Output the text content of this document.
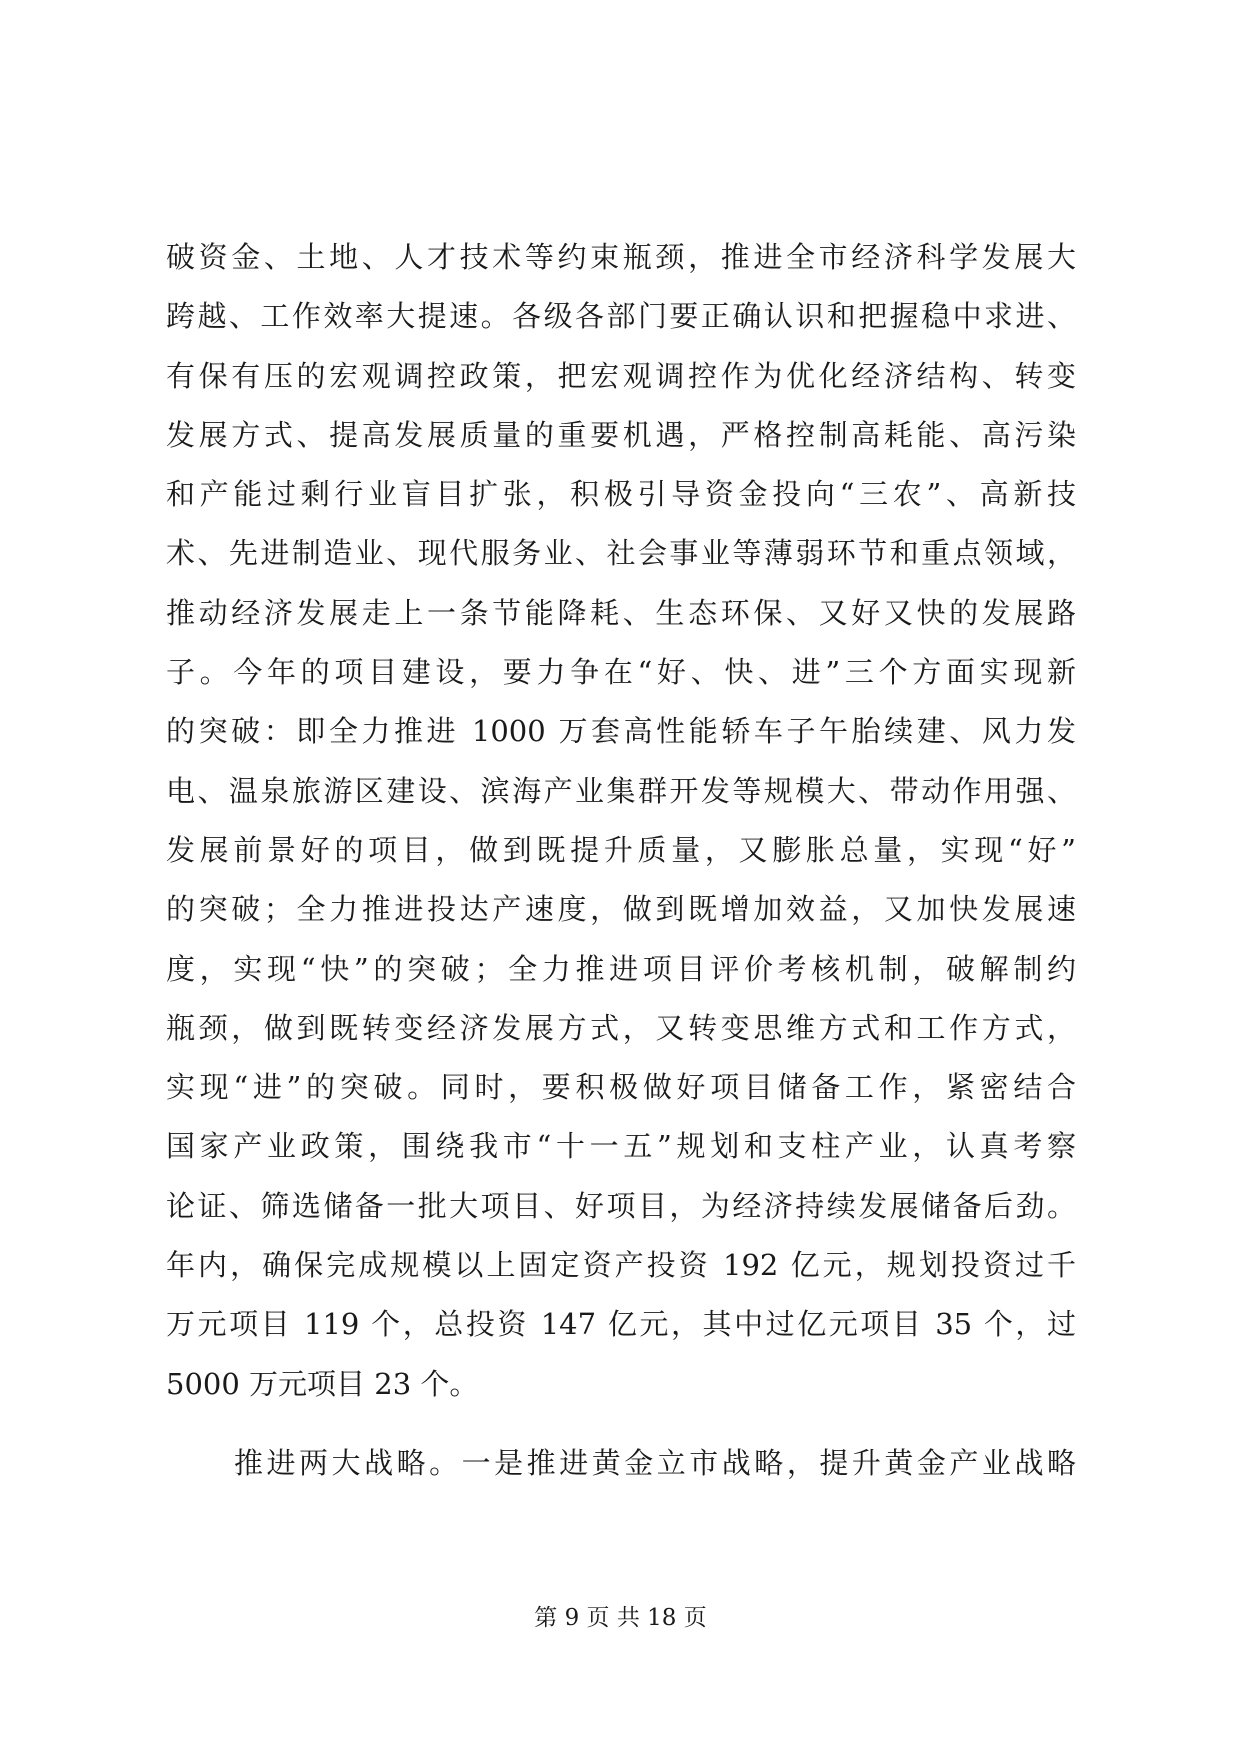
破资金、土地、人才技术等约束瓶颈，推进全市经济科学发展大
跨越、工作效率大提速。各级各部门要正确认识和把握稳中求进、
有保有压的宏观调控政策，把宏观调控作为优化经济结构、转变
发展方式、提高发展质量的重要机遇，严格控制高耗能、高污染
和产能过剩行业盲目扩张，积极引导资金投向“三农”、高新技
术、先进制造业、现代服务业、社会事业等薄弱环节和重点领域，
推动经济发展走上一条节能降耗、生态环保、又好又快的发展路
子。今年的项目建设，要力争在“好、快、进”三个方面实现新
的突破：即全力推进 1000 万套高性能轿车子午胎续建、风力发
电、温泉旅游区建设、滨海产业集群开发等规模大、带动作用强、
发展前景好的项目，做到既提升质量，又膨胀总量，实现“好”
的突破；全力推进投达产速度，做到既增加效益，又加快发展速
度，实现“快”的突破；全力推进项目评价考核机制，破解制约
瓶颈，做到既转变经济发展方式，又转变思维方式和工作方式，
实现“进”的突破。同时，要积极做好项目储备工作，紧密结合
国家产业政策，围绕我市“十一五”规划和支柱产业，认真考察
论证、筛选储备一批大项目、好项目，为经济持续发展储备后劲。
年内，确保完成规模以上固定资产投资 192 亿元，规划投资过千
万元项目 119 个，总投资 147 亿元，其中过亿元项目 35 个，过
5000 万元项目 23 个。
推进两大战略。一是推进黄金立市战略，提升黄金产业战略
第 9 页 共 18 页
